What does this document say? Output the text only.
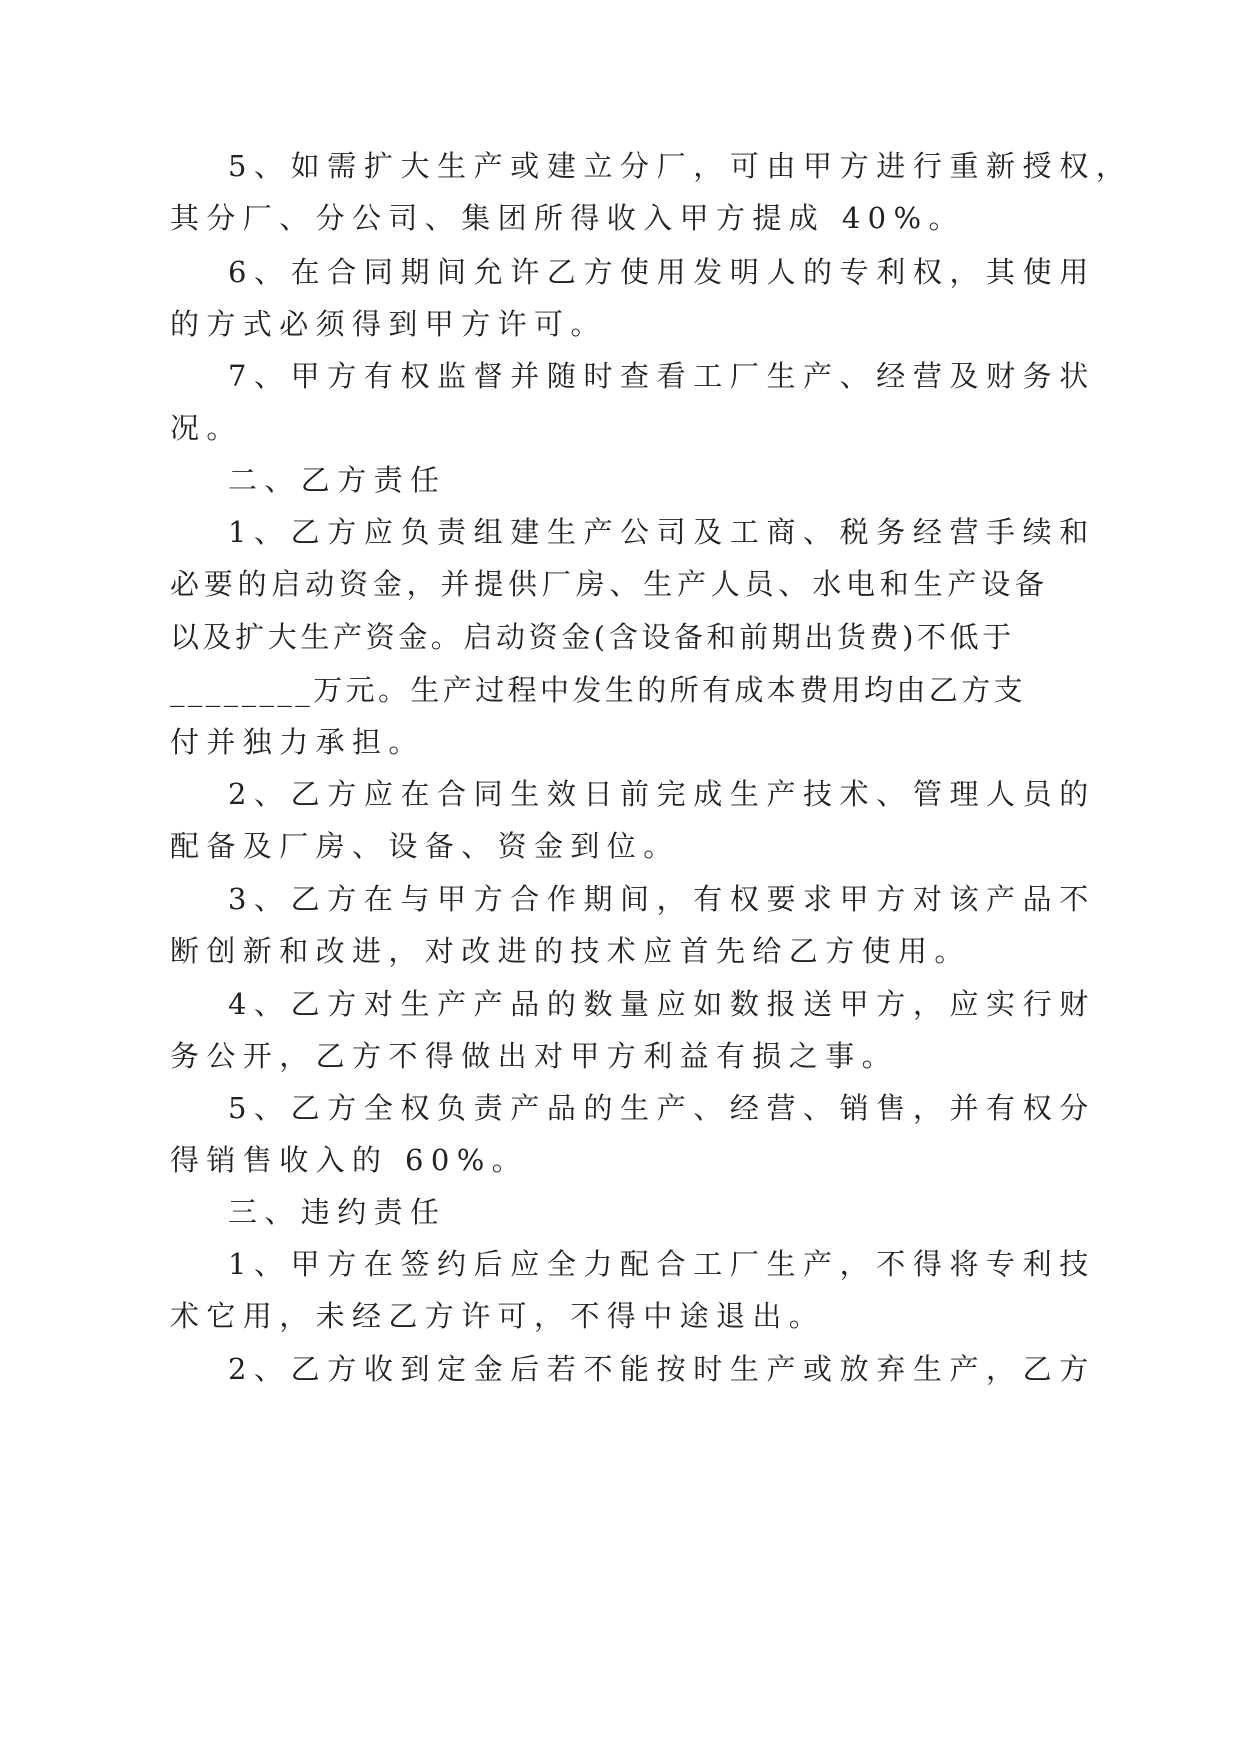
5、如需扩大生产或建立分厂，可由甲方进行重新授权，
其分厂、分公司、集团所得收入甲方提成 40%。
6、在合同期间允许乙方使用发明人的专利权，其使用
的方式必须得到甲方许可。
7、甲方有权监督并随时查看工厂生产、经营及财务状
况。
二、乙方责任
1、乙方应负责组建生产公司及工商、税务经营手续和
必要的启动资金，并提供厂房、生产人员、水电和生产设备
以及扩大生产资金。启动资金(含设备和前期出货费)不低于
________万元。生产过程中发生的所有成本费用均由乙方支
付并独力承担。
2、乙方应在合同生效日前完成生产技术、管理人员的
配备及厂房、设备、资金到位。
3、乙方在与甲方合作期间，有权要求甲方对该产品不
断创新和改进，对改进的技术应首先给乙方使用。
4、乙方对生产产品的数量应如数报送甲方，应实行财
务公开，乙方不得做出对甲方利益有损之事。
5、乙方全权负责产品的生产、经营、销售，并有权分
得销售收入的 60%。
三、违约责任
1、甲方在签约后应全力配合工厂生产，不得将专利技
术它用，未经乙方许可，不得中途退出。
2、乙方收到定金后若不能按时生产或放弃生产，乙方
